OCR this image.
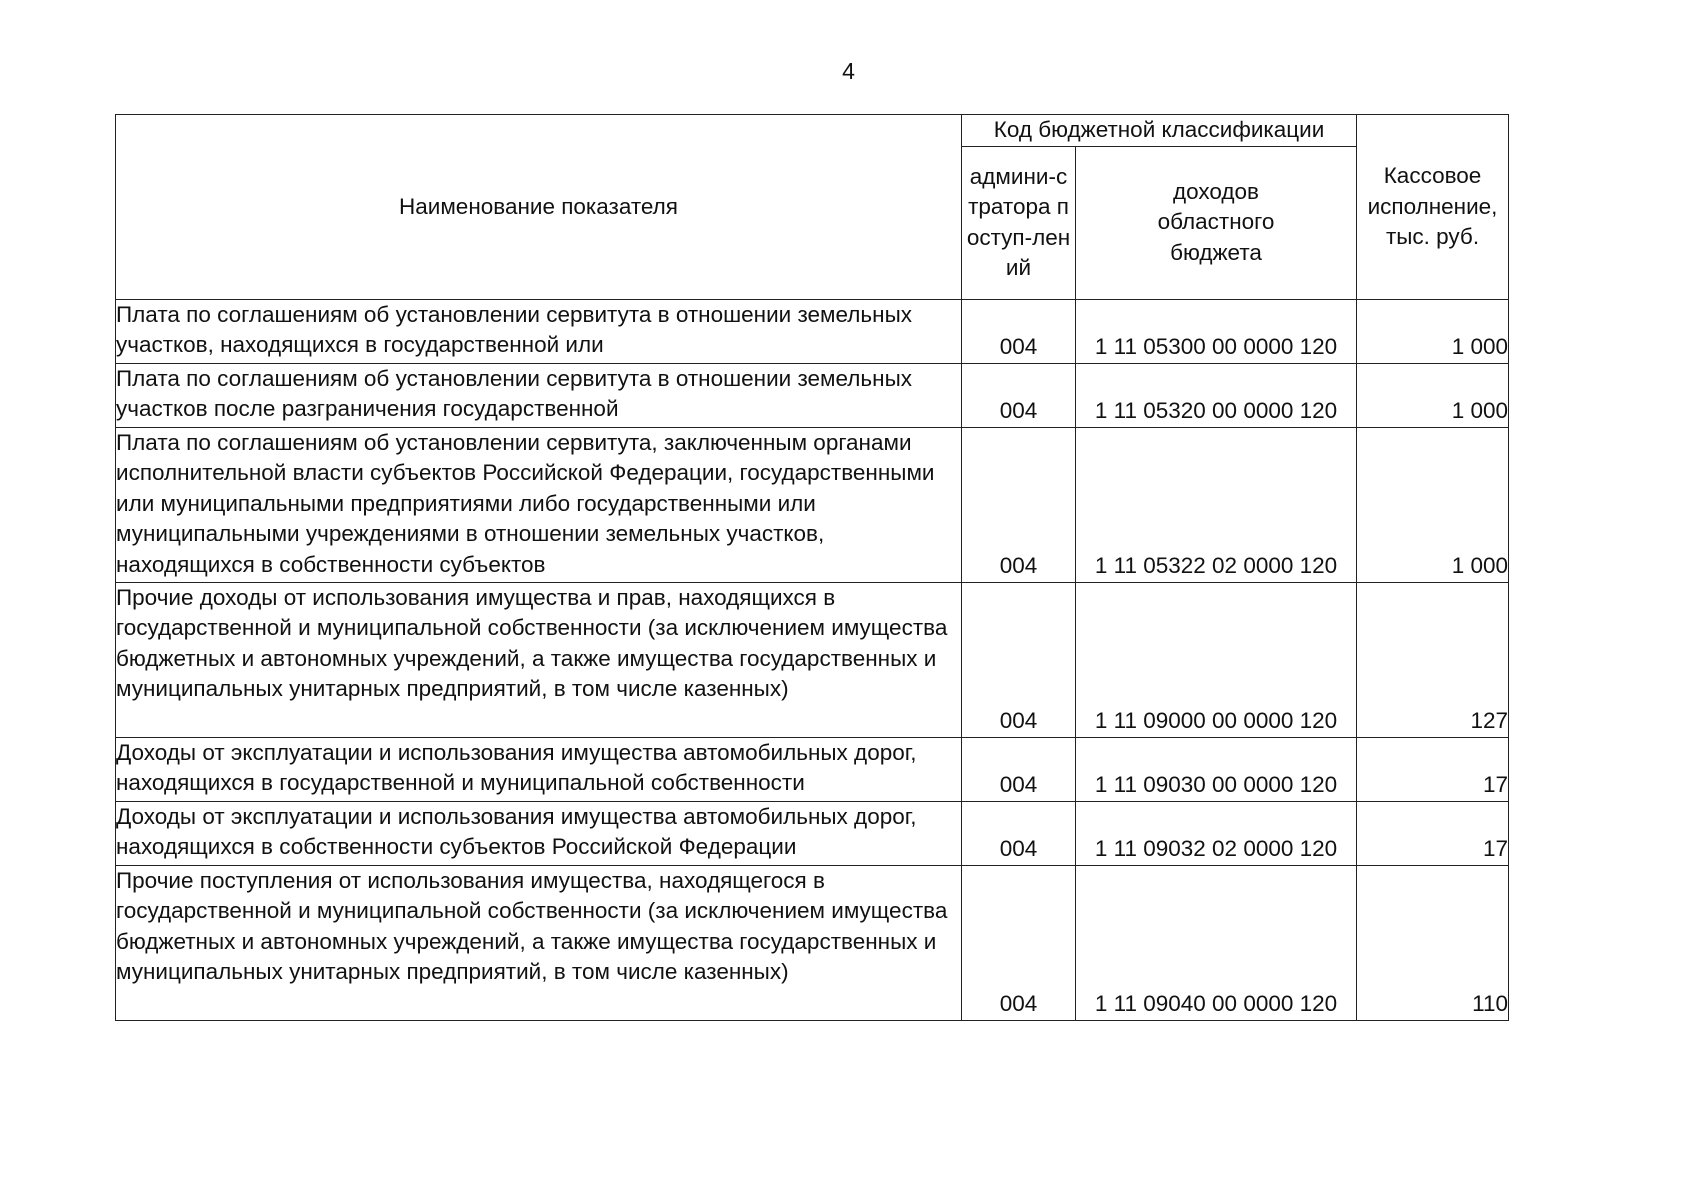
4
Наименование показателя	Код бюджетной классификации		Кассовое исполнение, тыс. руб.
	админи-стратора поступ-лений	доходов областного бюджета	

Плата по соглашениям об установлении сервитута в отношении земельных участков, находящихся в государственной или	004	1 11 05300 00 0000 120	1 000

Плата по соглашениям об установлении сервитута в отношении земельных участков после разграничения государственной	004	1 11 05320 00 0000 120	1 000

Плата по соглашениям об установлении сервитута, заключенным органами исполнительной власти субъектов Российской Федерации, государственными или муниципальными предприятиями либо государственными или муниципальными учреждениями в отношении земельных участков, находящихся в собственности субъектов	004	1 11 05322 02 0000 120	1 000
Прочие доходы от использования имущества и прав, находящихся в государственной и муниципальной собственности (за исключением имущества бюджетных и автономных учреждений, а также имущества государственных и муниципальных унитарных предприятий, в том числе казенных)	004	1 11 09000 00 0000 120	127
Доходы от эксплуатации и использования имущества автомобильных дорог, находящихся в государственной и муниципальной собственности	004	1 11 09030 00 0000 120	17
Доходы от эксплуатации и использования имущества автомобильных дорог, находящихся в собственности субъектов Российской Федерации	004	1 11 09032 02 0000 120	17
Прочие поступления от использования имущества, находящегося в государственной и муниципальной собственности (за исключением имущества бюджетных и автономных учреждений, а также имущества государственных и муниципальных унитарных предприятий, в том числе казенных)	004	1 11 09040 00 0000 120	110
